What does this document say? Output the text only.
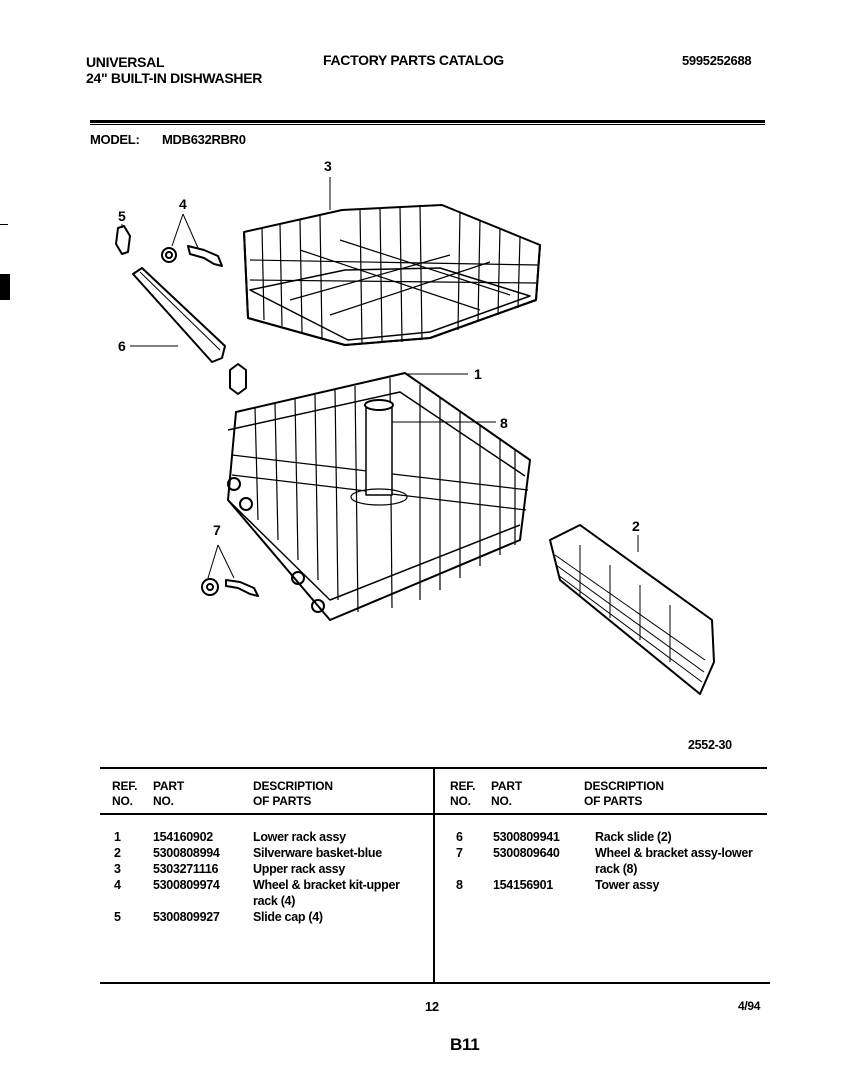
UNIVERSAL
24" BUILT-IN DISHWASHER
FACTORY PARTS CATALOG	5995252688
MODEL: MDB632RBR0
3
5
4
6
1
8
7	2
2552-30
REF.
NO.
PART
NO.
DESCRIPTION
OF PARTS
REF.
NO.
PART
NO.
DESCRIPTION
OF PARTS
1	154160902	Lower rack assy
2	5300808994	Silverware basket-blue
3	5303271116	Upper rack assy
4	5300809974	Wheel & bracket kit-upper rack (4)
5	5300809927	Slide cap (4)
6 5300809941	Rack slide (2)
7 5300809640	Wheel & bracket assy-lower rack (8)
8 154156901	Tower assy
12	4/94
B11
